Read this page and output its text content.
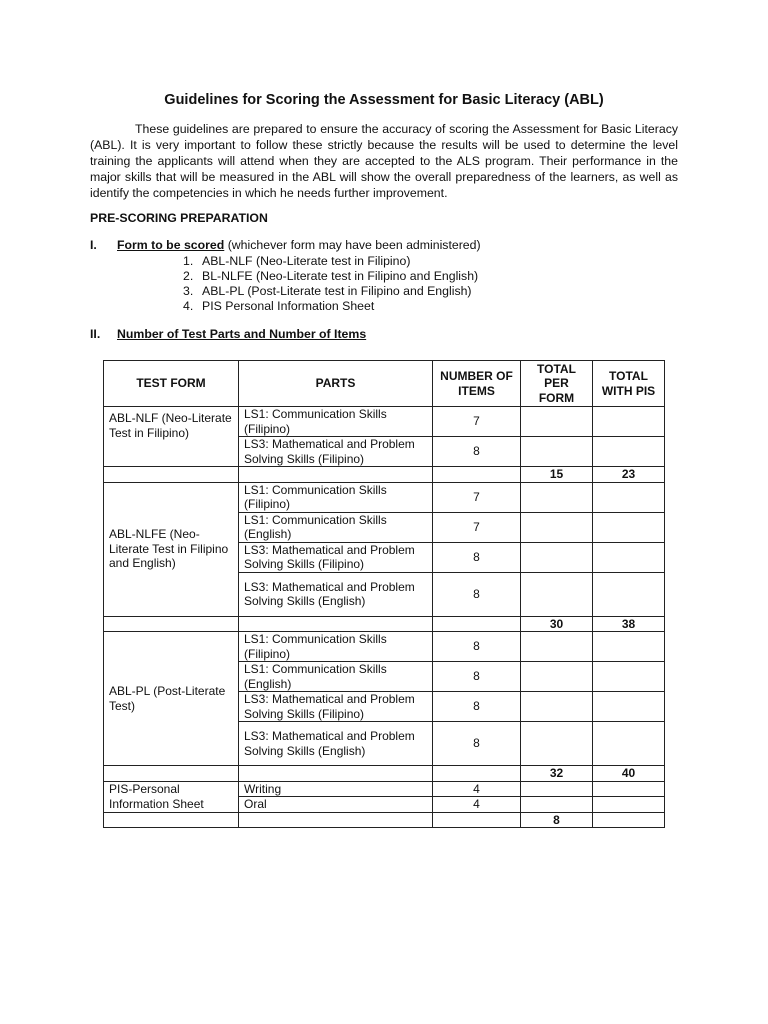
Guidelines for Scoring the Assessment for Basic Literacy (ABL)

These guidelines are prepared to ensure the accuracy of scoring the Assessment for Basic Literacy (ABL). It is very important to follow these strictly because the results will be used to determine the level training the applicants will attend when they are accepted to the ALS program. Their performance in the major skills that will be measured in the ABL will show the overall preparedness of the learners, as well as identify the competencies in which he needs further improvement.

PRE-SCORING PREPARATION

I. Form to be scored (whichever form may have been administered)

1. ABL-NLF (Neo-Literate test in Filipino)
2. BL-NLFE (Neo-Literate test in Filipino and English)
3. ABL-PL (Post-Literate test in Filipino and English)
4. PIS Personal Information Sheet

II. Number of Test Parts and Number of Items

TEST FORM	PARTS	NUMBER OF ITEMS	TOTAL PER FORM	TOTAL WITH PIS
ABL-NLF (Neo-Literate Test in Filipino)	LS1: Communication Skills (Filipino)	7		
	LS3: Mathematical and Problem Solving Skills (Filipino)	8		
			15	23
ABL-NLFE (Neo-Literate Test in Filipino and English)	LS1: Communication Skills (Filipino)	7		
	LS1: Communication Skills (English)	7		
	LS3: Mathematical and Problem Solving Skills (Filipino)	8		
	LS3: Mathematical and Problem Solving Skills (English)	8		
			30	38
ABL-PL (Post-Literate Test)	LS1: Communication Skills (Filipino)	8		
	LS1: Communication Skills (English)	8		
	LS3: Mathematical and Problem Solving Skills (Filipino)	8		
	LS3: Mathematical and Problem Solving Skills (English)	8		
			32	40
PIS-Personal Information Sheet	Writing	4		
	Oral	4		
			8	
